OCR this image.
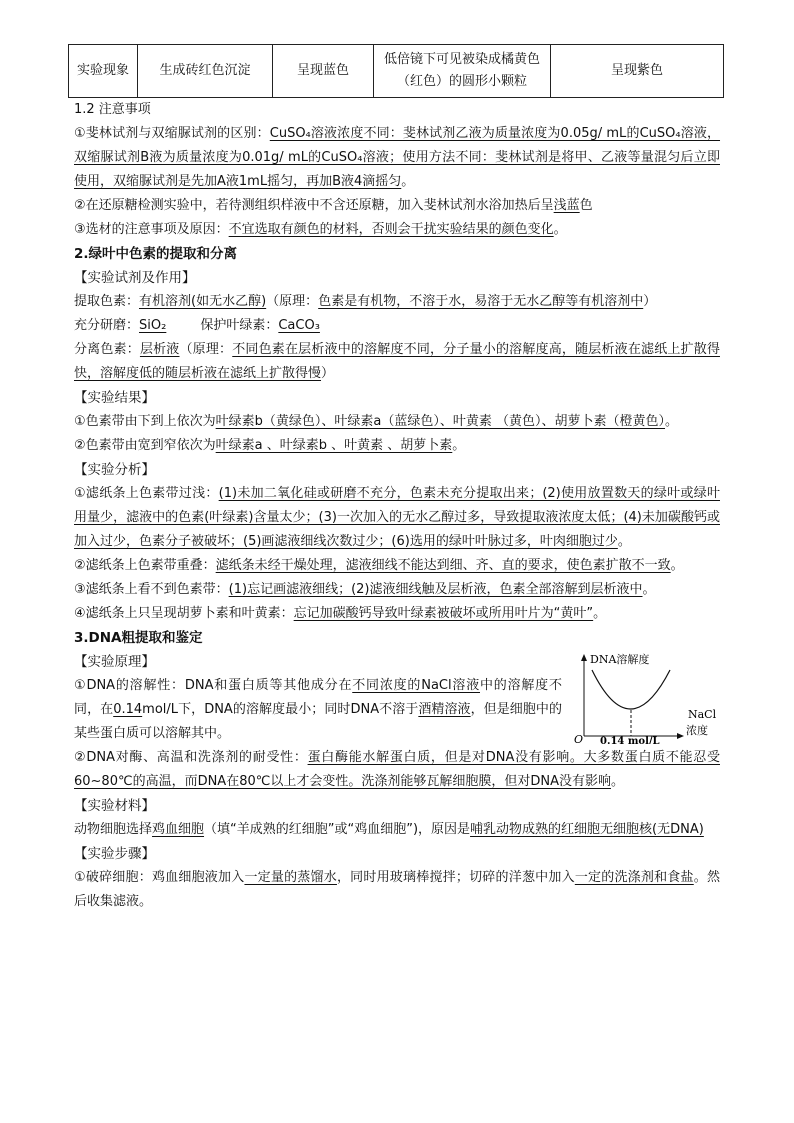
实验现象	生成砖红色沉淀	呈现蓝色	低倍镜下可见被染成橘黄色（红色）的圆形小颗粒	呈现紫色
1.2 注意事项
①斐林试剂与双缩脲试剂的区别：CuSO₄溶液浓度不同：斐林试剂乙液为质量浓度为0.05g/ mL的CuSO₄溶液，双缩脲试剂B液为质量浓度为0.01g/ mL的CuSO₄溶液；使用方法不同：斐林试剂是将甲、乙液等量混匀后立即使用，双缩脲试剂是先加A液1mL摇匀，再加B液4滴摇匀。
②在还原糖检测实验中，若待测组织样液中不含还原糖，加入斐林试剂水浴加热后呈浅蓝色
③选材的注意事项及原因：不宜选取有颜色的材料，否则会干扰实验结果的颜色变化。
2.绿叶中色素的提取和分离
【实验试剂及作用】
提取色素：有机溶剂(如无水乙醇)（原理：色素是有机物，不溶于水，易溶于无水乙醇等有机溶剂中）
充分研磨：SiO₂	保护叶绿素：CaCO₃
分离色素：层析液（原理：不同色素在层析液中的溶解度不同，分子量小的溶解度高，随层析液在滤纸上扩散得快，溶解度低的随层析液在滤纸上扩散得慢）
【实验结果】
①色素带由下到上依次为叶绿素b（黄绿色）、叶绿素a（蓝绿色）、叶黄素 （黄色）、胡萝卜素（橙黄色）。
②色素带由宽到窄依次为叶绿素a 、叶绿素b 、叶黄素 、胡萝卜素。
【实验分析】
①滤纸条上色素带过浅：(1)未加二氧化硅或研磨不充分，色素未充分提取出来；(2)使用放置数天的绿叶或绿叶用量少，滤液中的色素(叶绿素)含量太少；(3)一次加入的无水乙醇过多，导致提取液浓度太低；(4)未加碳酸钙或加入过少，色素分子被破坏；(5)画滤液细线次数过少；(6)选用的绿叶叶脉过多，叶肉细胞过少。
②滤纸条上色素带重叠：滤纸条未经干燥处理，滤液细线不能达到细、齐、直的要求，使色素扩散不一致。
③滤纸条上看不到色素带：(1)忘记画滤液细线；(2)滤液细线触及层析液，色素全部溶解到层析液中。
④滤纸条上只呈现胡萝卜素和叶黄素：忘记加碳酸钙导致叶绿素被破坏或所用叶片为“黄叶”。
3.DNA粗提取和鉴定
DNA溶解度
O 0.14 mol/L
NaCl
浓度
【实验原理】
①DNA的溶解性：DNA和蛋白质等其他成分在不同浓度的NaCl溶液中的溶解度不同，在0.14mol/L下，DNA的溶解度最小；同时DNA不溶于酒精溶液，但是细胞中的某些蛋白质可以溶解其中。
②DNA对酶、高温和洗涤剂的耐受性：蛋白酶能水解蛋白质，但是对DNA没有影响。大多数蛋白质不能忍受60~80℃的高温，而DNA在80℃以上才会变性。洗涤剂能够瓦解细胞膜，但对DNA没有影响。
【实验材料】
动物细胞选择鸡血细胞（填“羊成熟的红细胞”或“鸡血细胞”)，原因是哺乳动物成熟的红细胞无细胞核(无DNA)
【实验步骤】
①破碎细胞：鸡血细胞液加入一定量的蒸馏水，同时用玻璃棒搅拌；切碎的洋葱中加入一定的洗涤剂和食盐。然后收集滤液。
